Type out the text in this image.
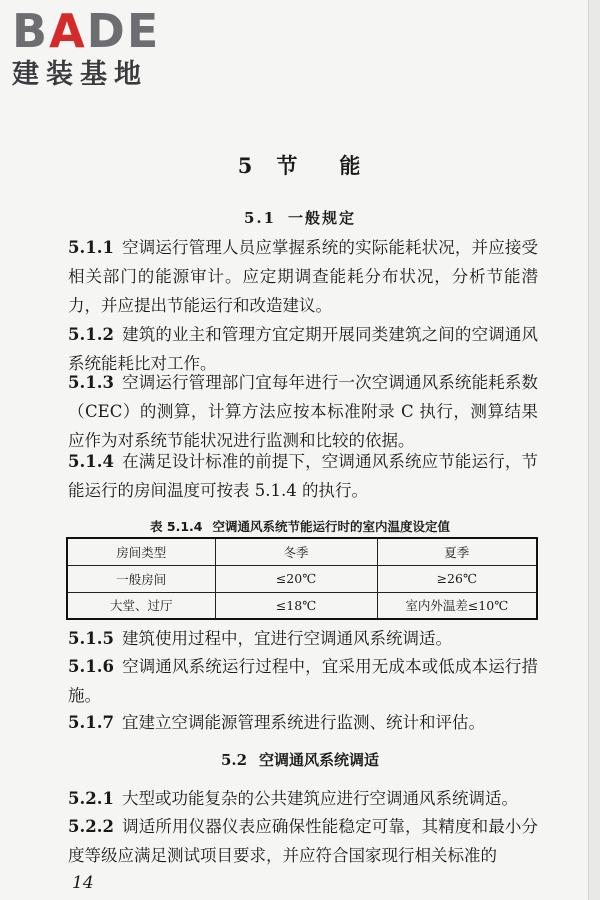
BADE
建装基地
5 节 能
5.1 一般规定
5.1.1 空调运行管理人员应掌握系统的实际能耗状况，并应接受相关部门的能源审计。应定期调查能耗分布状况，分析节能潜力，并应提出节能运行和改造建议。
5.1.2 建筑的业主和管理方宜定期开展同类建筑之间的空调通风系统能耗比对工作。
5.1.3 空调运行管理部门宜每年进行一次空调通风系统能耗系数（CEC）的测算，计算方法应按本标准附录 C 执行，测算结果应作为对系统节能状况进行监测和比较的依据。
5.1.4 在满足设计标准的前提下，空调通风系统应节能运行，节能运行的房间温度可按表 5.1.4 的执行。
表 5.1.4 空调通风系统节能运行时的室内温度设定值
房间类型	冬季	夏季
一般房间	≤20℃	≥26℃
大堂、过厅	≤18℃	室内外温差≤10℃
5.1.5 建筑使用过程中，宜进行空调通风系统调适。
5.1.6 空调通风系统运行过程中，宜采用无成本或低成本运行措施。
5.1.7 宜建立空调能源管理系统进行监测、统计和评估。
5.2 空调通风系统调适
5.2.1 大型或功能复杂的公共建筑应进行空调通风系统调适。
5.2.2 调适所用仪器仪表应确保性能稳定可靠，其精度和最小分度等级应满足测试项目要求，并应符合国家现行相关标准的
14
